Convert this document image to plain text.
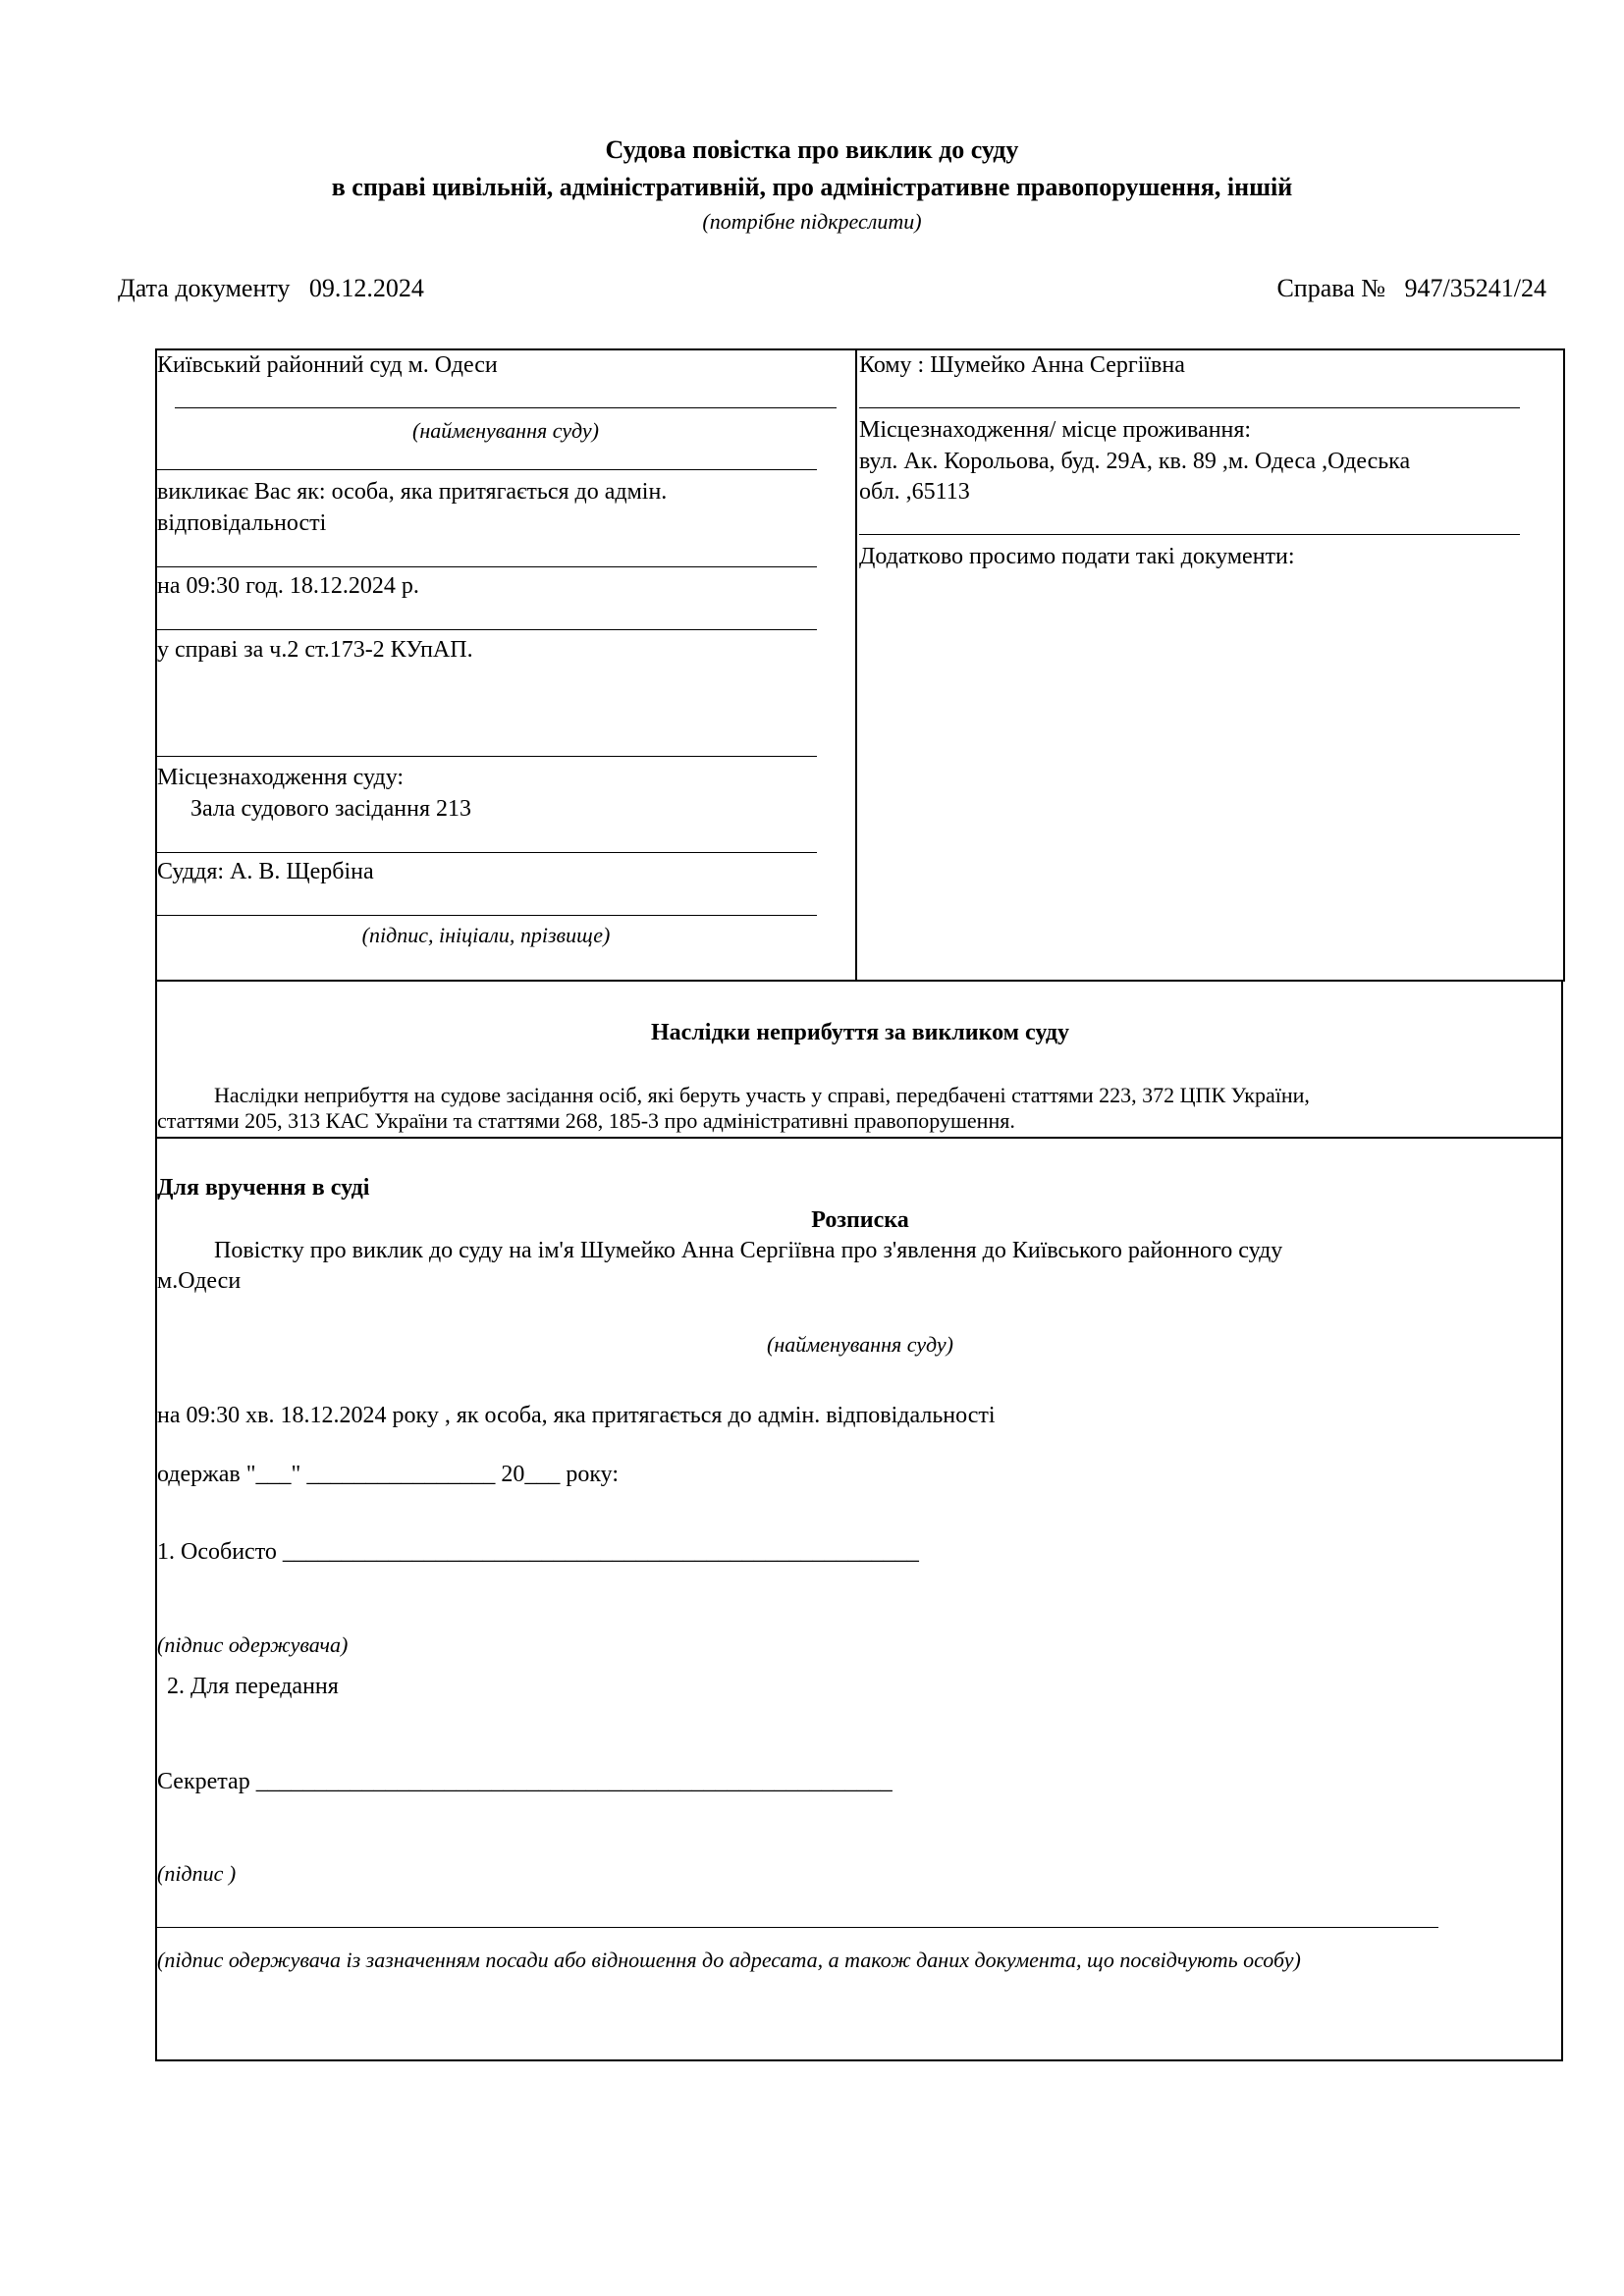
Судова повістка про виклик до суду
в справі цивільній, адміністративній, про адміністративне правопорушення, іншій
(потрібне підкреслити)
Дата документу 09.12.2024	Справа № 947/35241/24
Київський районний суд м. Одеси
(найменування суду)
викликає Вас як: особа, яка притягається до адмін.
відповідальності
на 09:30 год. 18.12.2024 р.
у справі за ч.2 ст.173-2 КУпАП.
Місцезнаходження суду:
Зала судового засідання 213
Суддя: А. В. Щербіна
(підпис, ініціали, прізвище)
Кому : Шумейко Анна Сергіївна
Місцезнаходження/ місце проживання:
вул. Ак. Корольова, буд. 29А, кв. 89 ,м. Одеса ,Одеська
обл. ,65113
Додатково просимо подати такі документи:
Наслідки неприбуття за викликом суду
Наслідки неприбуття на судове засідання осіб, які беруть участь у справі, передбачені статтями 223, 372 ЦПК України,
статтями 205, 313 КАС України та статтями 268, 185-3 про адміністративні правопорушення.
Для вручення в суді
Розписка
Повістку про виклик до суду на ім'я Шумейко Анна Сергіївна про з'явлення до Київського районного суду
м.Одеси
(найменування суду)
на 09:30 хв. 18.12.2024 року , як особа, яка притягається до адмін. відповідальності
одержав "___" ________________ 20___ року:
1. Особисто ______________________________________________________
(підпис одержувача)
2. Для передання
Секретар ______________________________________________________
(підпис )
(підпис одержувача із зазначенням посади або відношення до адресата, а також даних документа, що посвідчують особу)
